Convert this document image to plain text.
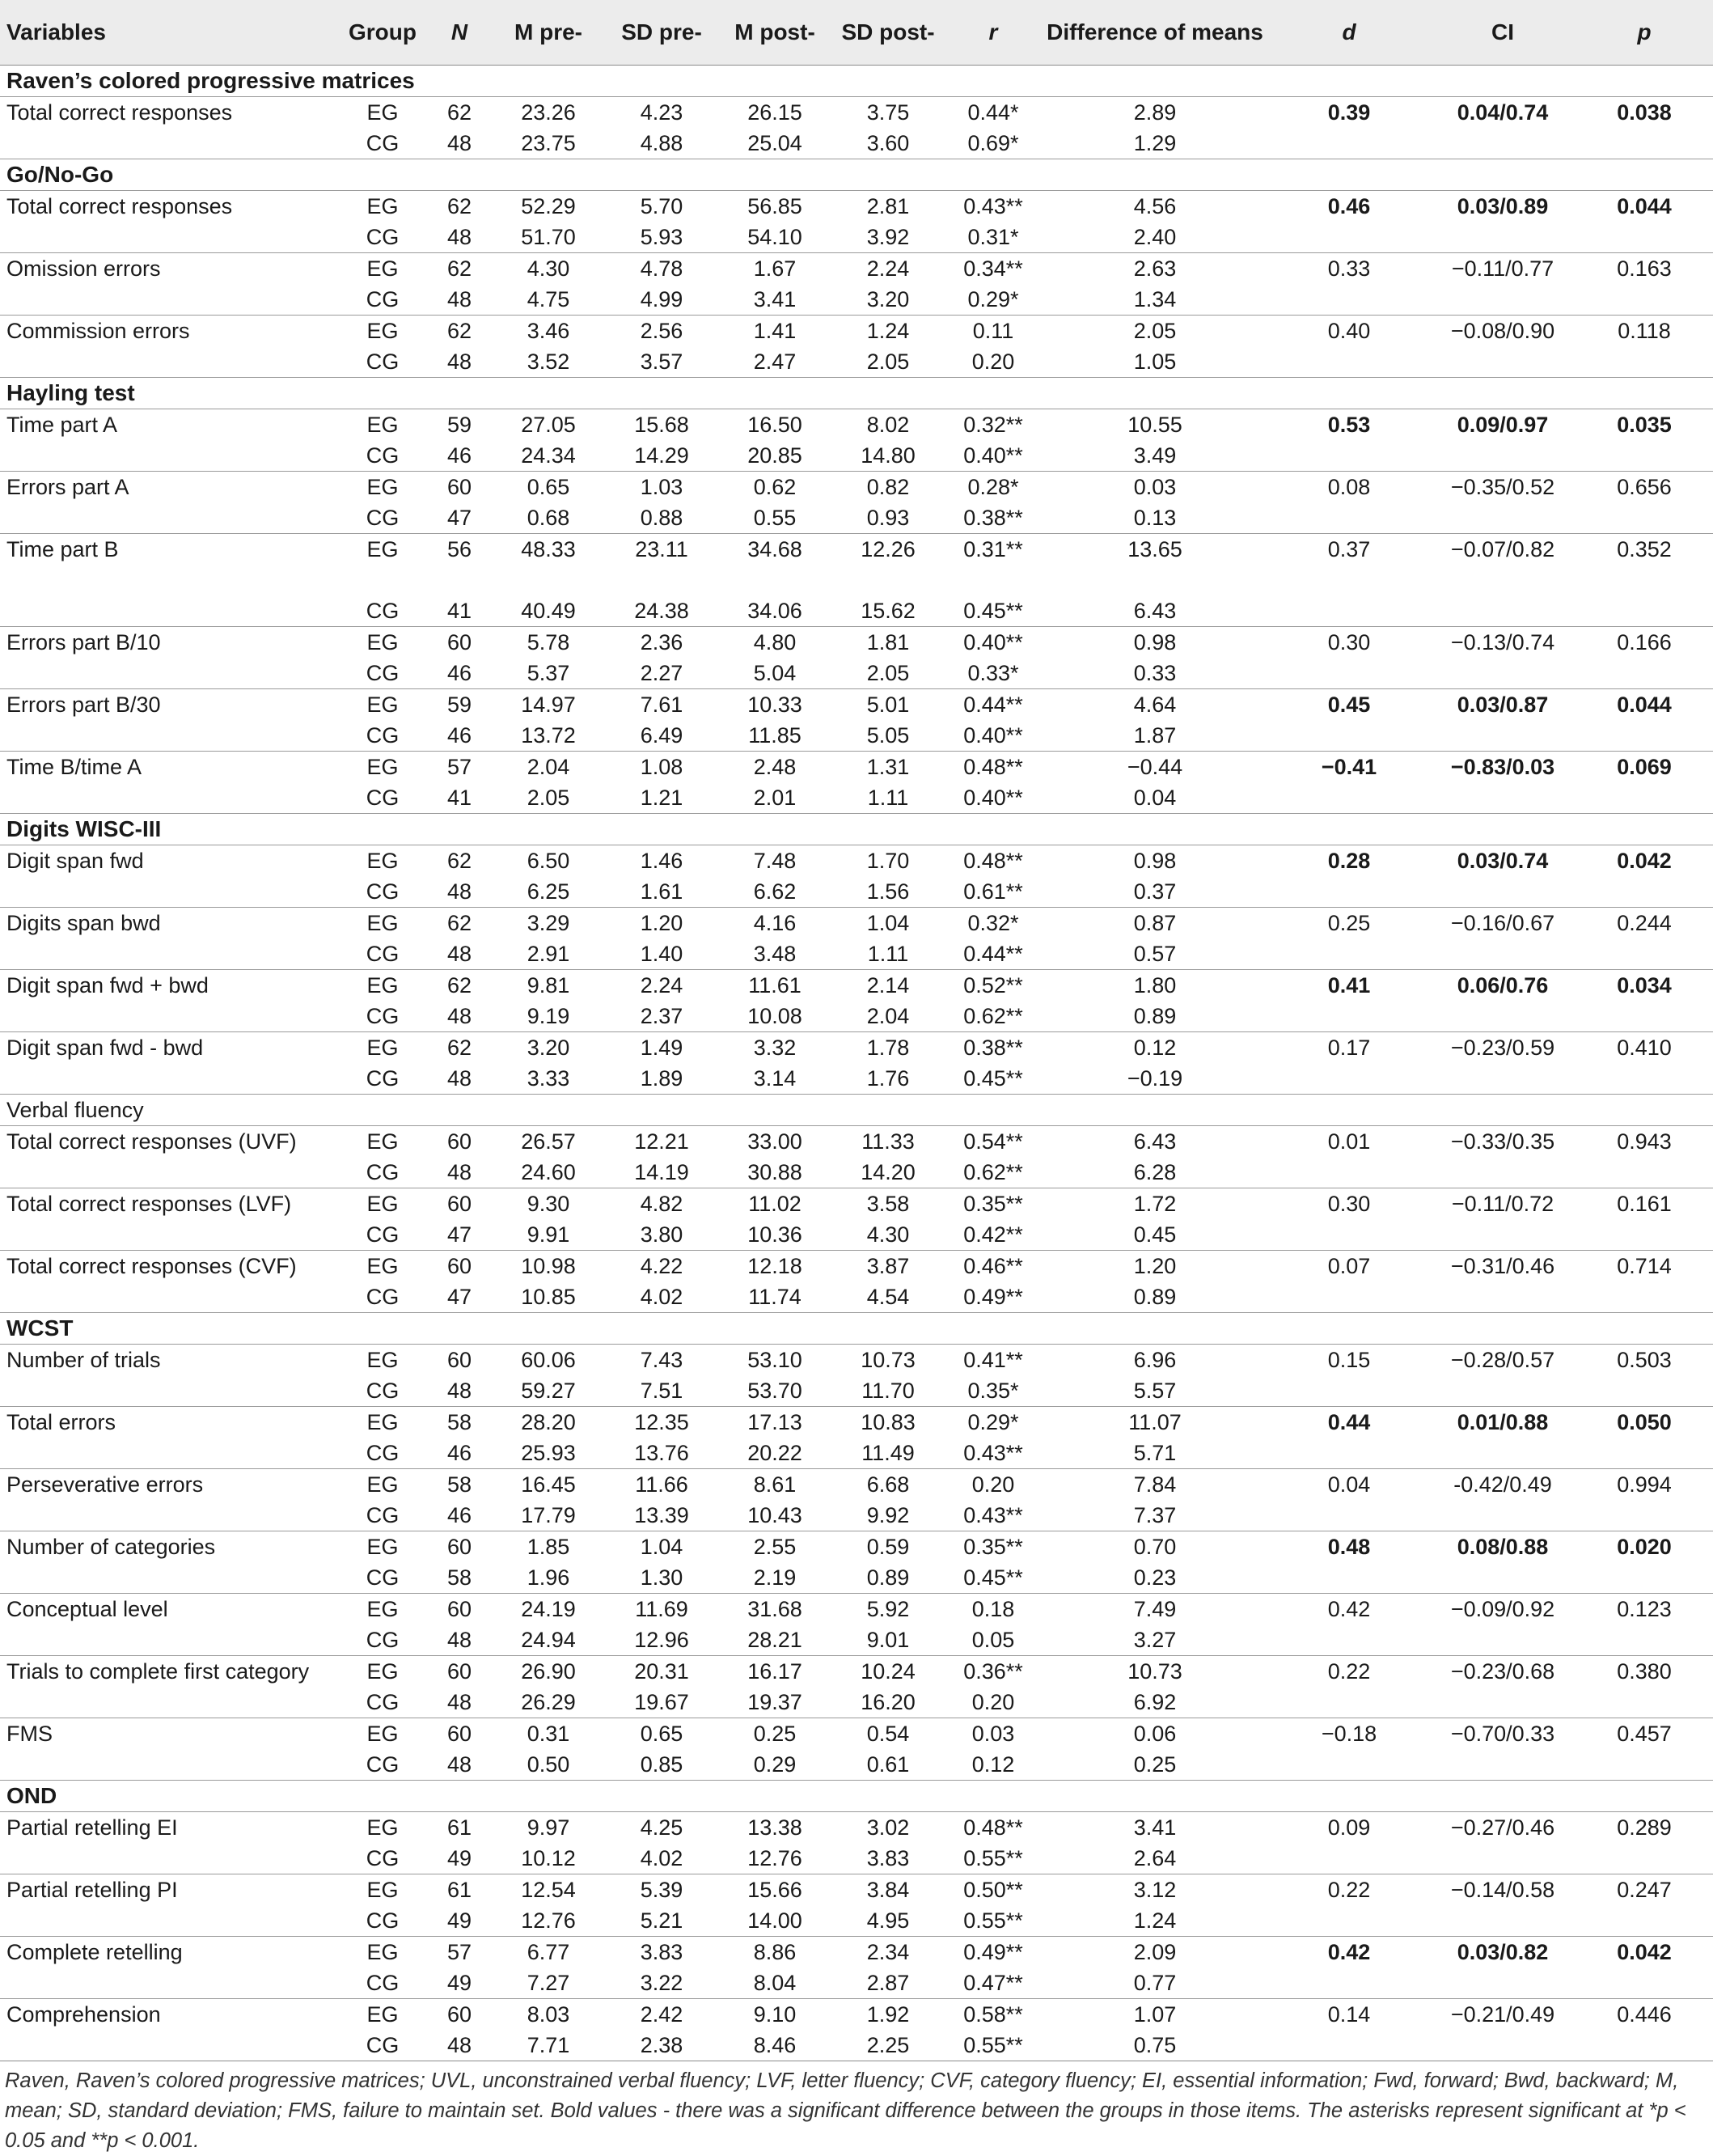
Variables	Group	N	M pre-	SD pre-	M post-	SD post-	r	Difference of means	d	CI	p
Raven’s colored progressive matrices											
Total correct responses	EG	62	23.26	4.23	26.15	3.75	0.44*	2.89	0.39	0.04/0.74	0.038
	CG	48	23.75	4.88	25.04	3.60	0.69*	1.29			
Go/No-Go											
Total correct responses	EG	62	52.29	5.70	56.85	2.81	0.43**	4.56	0.46	0.03/0.89	0.044
	CG	48	51.70	5.93	54.10	3.92	0.31*	2.40			
Omission errors	EG	62	4.30	4.78	1.67	2.24	0.34**	2.63	0.33	−0.11/0.77	0.163
	CG	48	4.75	4.99	3.41	3.20	0.29*	1.34			
Commission errors	EG	62	3.46	2.56	1.41	1.24	0.11	2.05	0.40	−0.08/0.90	0.118
	CG	48	3.52	3.57	2.47	2.05	0.20	1.05			
Hayling test											
Time part A	EG	59	27.05	15.68	16.50	8.02	0.32**	10.55	0.53	0.09/0.97	0.035
	CG	46	24.34	14.29	20.85	14.80	0.40**	3.49			
Errors part A	EG	60	0.65	1.03	0.62	0.82	0.28*	0.03	0.08	−0.35/0.52	0.656
	CG	47	0.68	0.88	0.55	0.93	0.38**	0.13			
Time part B	EG	56	48.33	23.11	34.68	12.26	0.31**	13.65	0.37	−0.07/0.82	0.352
	CG	41	40.49	24.38	34.06	15.62	0.45**	6.43			
Errors part B/10	EG	60	5.78	2.36	4.80	1.81	0.40**	0.98	0.30	−0.13/0.74	0.166
	CG	46	5.37	2.27	5.04	2.05	0.33*	0.33			
Errors part B/30	EG	59	14.97	7.61	10.33	5.01	0.44**	4.64	0.45	0.03/0.87	0.044
	CG	46	13.72	6.49	11.85	5.05	0.40**	1.87			
Time B/time A	EG	57	2.04	1.08	2.48	1.31	0.48**	−0.44	−0.41	−0.83/0.03	0.069
	CG	41	2.05	1.21	2.01	1.11	0.40**	0.04			
Digits WISC-III											
Digit span fwd	EG	62	6.50	1.46	7.48	1.70	0.48**	0.98	0.28	0.03/0.74	0.042
	CG	48	6.25	1.61	6.62	1.56	0.61**	0.37			
Digits span bwd	EG	62	3.29	1.20	4.16	1.04	0.32*	0.87	0.25	−0.16/0.67	0.244
	CG	48	2.91	1.40	3.48	1.11	0.44**	0.57			
Digit span fwd + bwd	EG	62	9.81	2.24	11.61	2.14	0.52**	1.80	0.41	0.06/0.76	0.034
	CG	48	9.19	2.37	10.08	2.04	0.62**	0.89			
Digit span fwd - bwd	EG	62	3.20	1.49	3.32	1.78	0.38**	0.12	0.17	−0.23/0.59	0.410
	CG	48	3.33	1.89	3.14	1.76	0.45**	−0.19			
Verbal fluency											
Total correct responses (UVF)	EG	60	26.57	12.21	33.00	11.33	0.54**	6.43	0.01	−0.33/0.35	0.943
	CG	48	24.60	14.19	30.88	14.20	0.62**	6.28			
Total correct responses (LVF)	EG	60	9.30	4.82	11.02	3.58	0.35**	1.72	0.30	−0.11/0.72	0.161
	CG	47	9.91	3.80	10.36	4.30	0.42**	0.45			
Total correct responses (CVF)	EG	60	10.98	4.22	12.18	3.87	0.46**	1.20	0.07	−0.31/0.46	0.714
	CG	47	10.85	4.02	11.74	4.54	0.49**	0.89			
WCST											
Number of trials	EG	60	60.06	7.43	53.10	10.73	0.41**	6.96	0.15	−0.28/0.57	0.503
	CG	48	59.27	7.51	53.70	11.70	0.35*	5.57			
Total errors	EG	58	28.20	12.35	17.13	10.83	0.29*	11.07	0.44	0.01/0.88	0.050
	CG	46	25.93	13.76	20.22	11.49	0.43**	5.71			
Perseverative errors	EG	58	16.45	11.66	8.61	6.68	0.20	7.84	0.04	-0.42/0.49	0.994
	CG	46	17.79	13.39	10.43	9.92	0.43**	7.37			
Number of categories	EG	60	1.85	1.04	2.55	0.59	0.35**	0.70	0.48	0.08/0.88	0.020
	CG	58	1.96	1.30	2.19	0.89	0.45**	0.23			
Conceptual level	EG	60	24.19	11.69	31.68	5.92	0.18	7.49	0.42	−0.09/0.92	0.123
	CG	48	24.94	12.96	28.21	9.01	0.05	3.27			
Trials to complete first category	EG	60	26.90	20.31	16.17	10.24	0.36**	10.73	0.22	−0.23/0.68	0.380
	CG	48	26.29	19.67	19.37	16.20	0.20	6.92			
FMS	EG	60	0.31	0.65	0.25	0.54	0.03	0.06	−0.18	−0.70/0.33	0.457
	CG	48	0.50	0.85	0.29	0.61	0.12	0.25			
OND											
Partial retelling EI	EG	61	9.97	4.25	13.38	3.02	0.48**	3.41	0.09	−0.27/0.46	0.289
	CG	49	10.12	4.02	12.76	3.83	0.55**	2.64			
Partial retelling PI	EG	61	12.54	5.39	15.66	3.84	0.50**	3.12	0.22	−0.14/0.58	0.247
	CG	49	12.76	5.21	14.00	4.95	0.55**	1.24			
Complete retelling	EG	57	6.77	3.83	8.86	2.34	0.49**	2.09	0.42	0.03/0.82	0.042
	CG	49	7.27	3.22	8.04	2.87	0.47**	0.77			
Comprehension	EG	60	8.03	2.42	9.10	1.92	0.58**	1.07	0.14	−0.21/0.49	0.446
	CG	48	7.71	2.38	8.46	2.25	0.55**	0.75			
Raven, Raven’s colored progressive matrices; UVL, unconstrained verbal fluency; LVF, letter fluency; CVF, category fluency; EI, essential information; Fwd, forward; Bwd, backward; M, mean; SD, standard deviation; FMS, failure to maintain set. Bold values - there was a significant difference between the groups in those items. The asterisks represent significant at *p < 0.05 and **p < 0.001.
